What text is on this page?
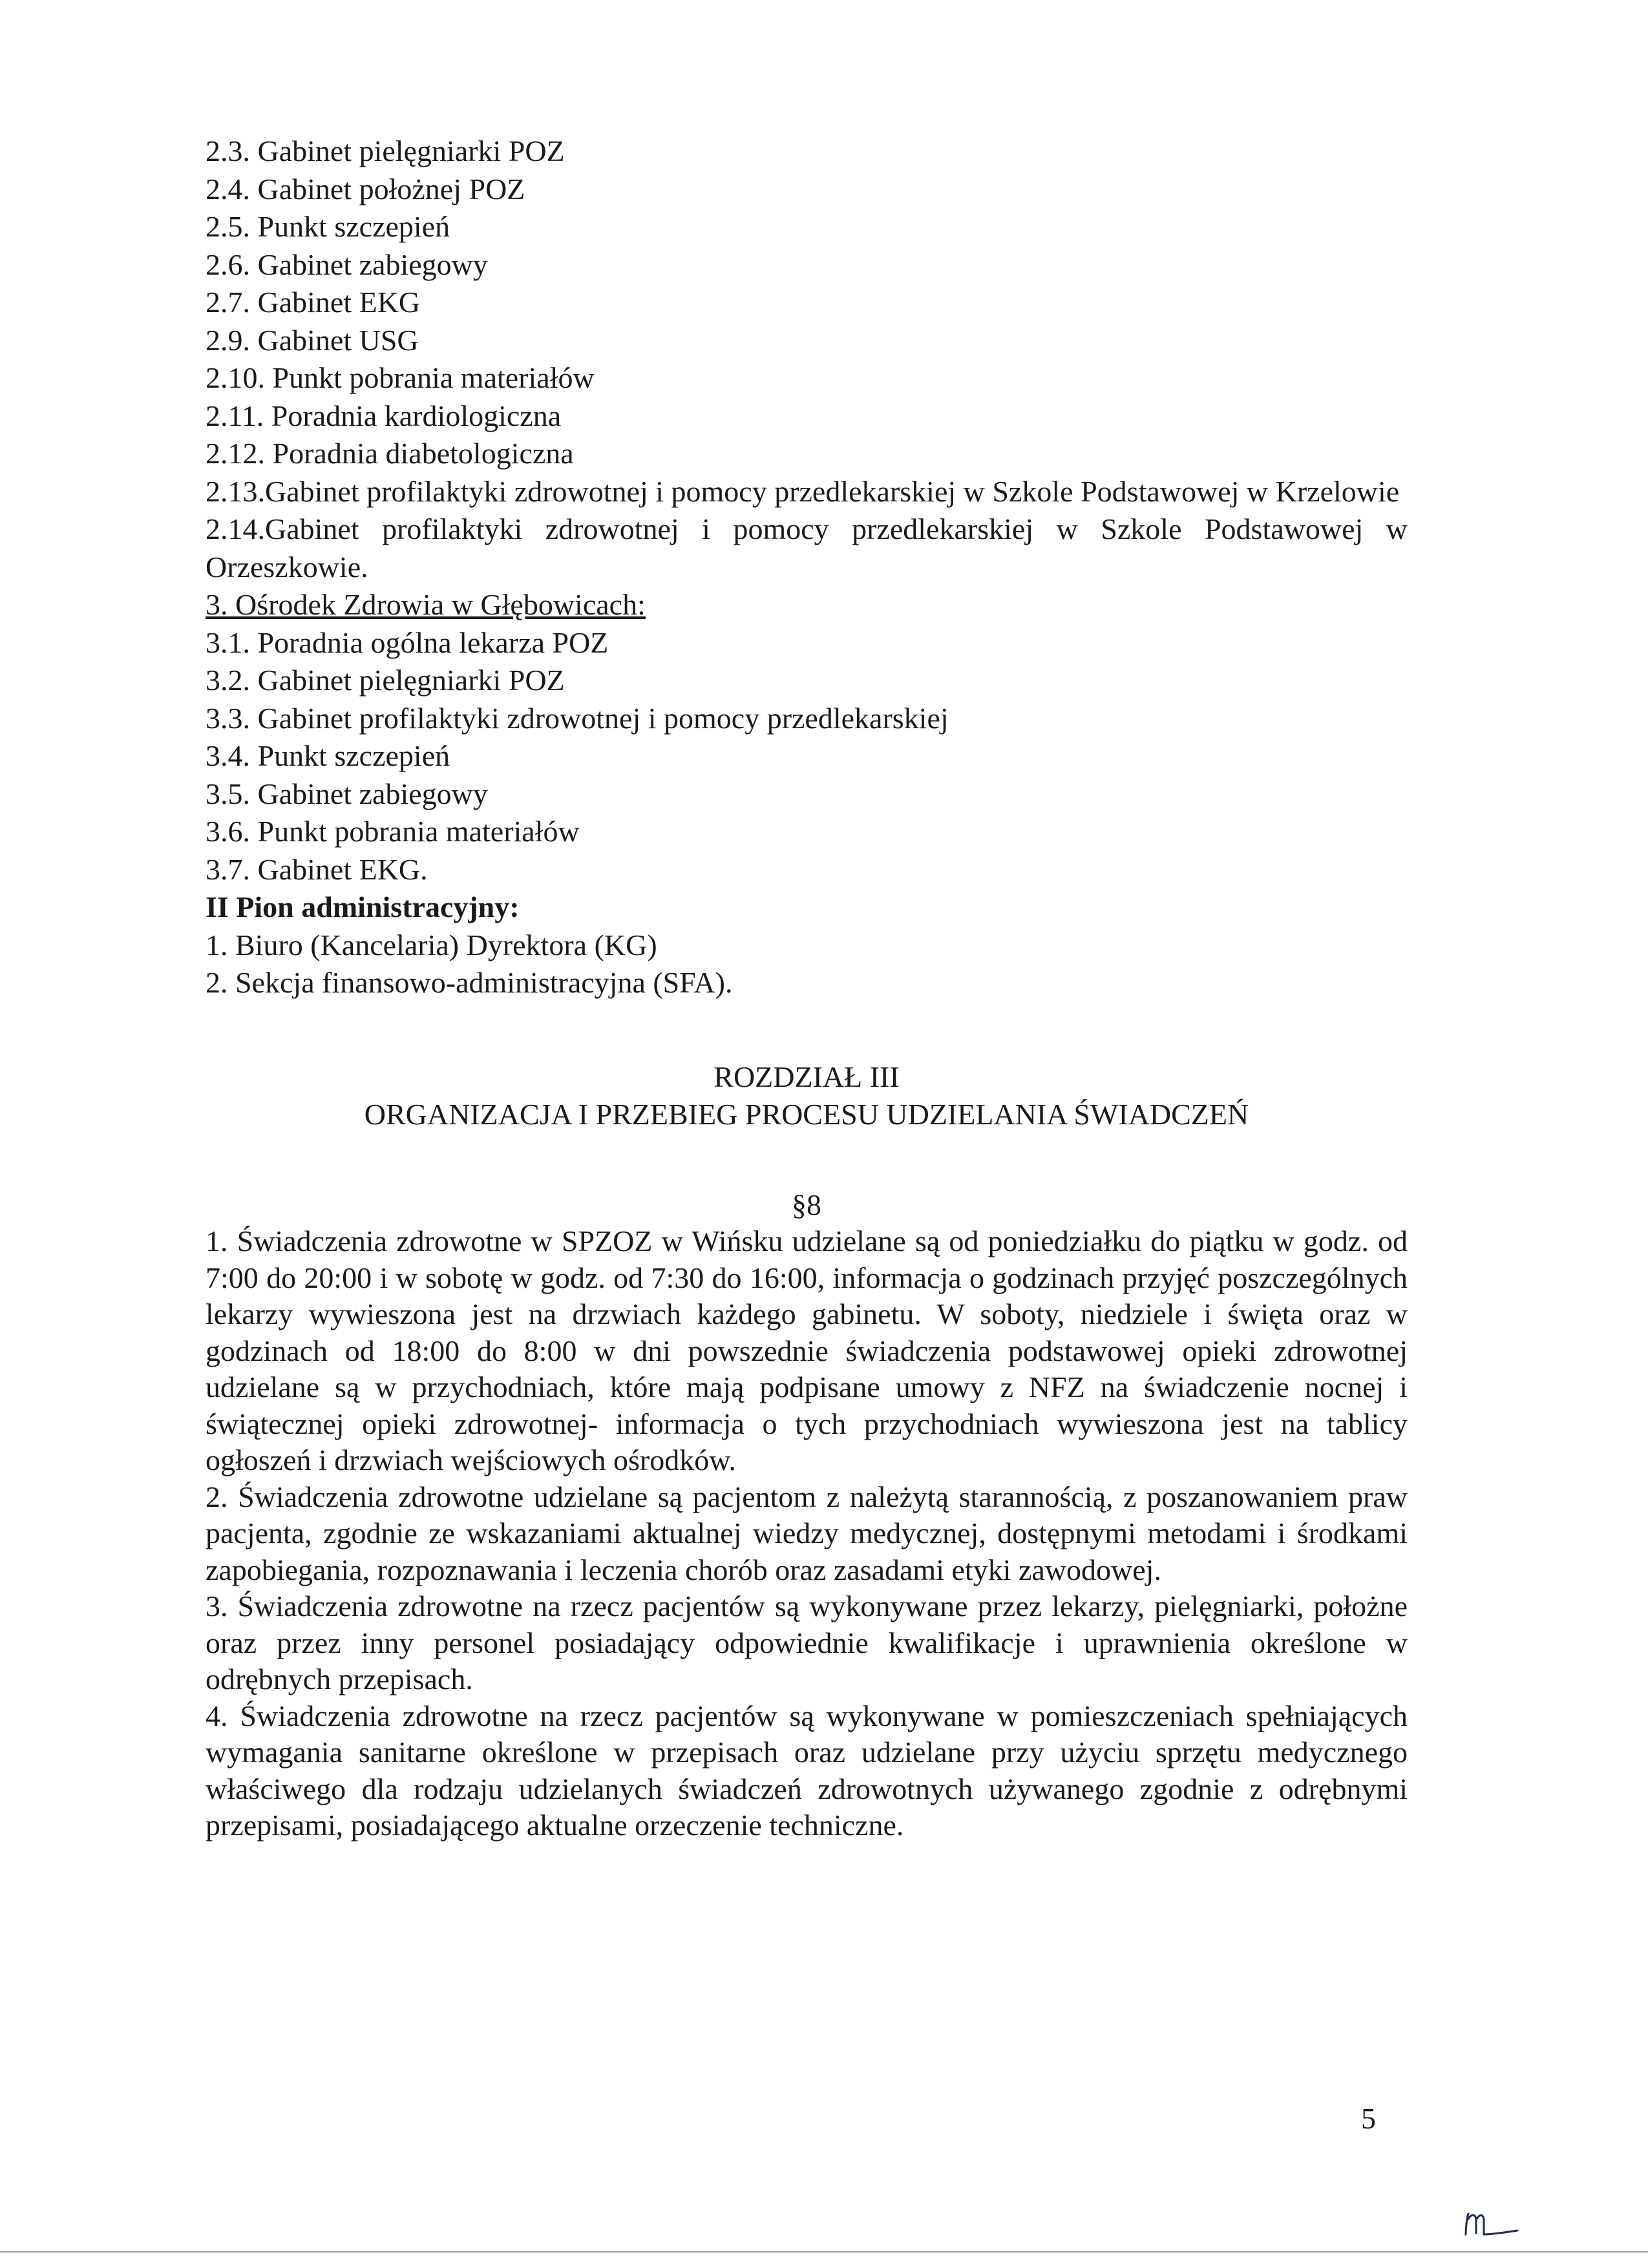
2.3. Gabinet pielęgniarki POZ
2.4. Gabinet położnej POZ
2.5. Punkt szczepień
2.6. Gabinet zabiegowy
2.7. Gabinet EKG
2.9. Gabinet USG
2.10. Punkt pobrania materiałów
2.11. Poradnia kardiologiczna
2.12. Poradnia diabetologiczna
2.13.Gabinet profilaktyki zdrowotnej i pomocy przedlekarskiej w Szkole Podstawowej w Krzelowie
2.14.Gabinet profilaktyki zdrowotnej i pomocy przedlekarskiej w Szkole Podstawowej w Orzeszkowie.
3. Ośrodek Zdrowia w Głębowicach:
3.1. Poradnia ogólna lekarza POZ
3.2. Gabinet pielęgniarki POZ
3.3. Gabinet profilaktyki zdrowotnej i pomocy przedlekarskiej
3.4. Punkt szczepień
3.5. Gabinet zabiegowy
3.6. Punkt pobrania materiałów
3.7. Gabinet EKG.
II Pion administracyjny:
1. Biuro (Kancelaria) Dyrektora (KG)
2. Sekcja finansowo-administracyjna (SFA).
ROZDZIAŁ III
ORGANIZACJA I PRZEBIEG PROCESU UDZIELANIA ŚWIADCZEŃ
§8

1. Świadczenia zdrowotne w SPZOZ w Wińsku udzielane są od poniedziałku do piątku w godz. od 7:00 do 20:00 i w sobotę w godz. od 7:30 do 16:00, informacja o godzinach przyjęć poszczególnych lekarzy wywieszona jest na drzwiach każdego gabinetu. W soboty, niedziele i święta oraz w godzinach od 18:00 do 8:00 w dni powszednie świadczenia podstawowej opieki zdrowotnej udzielane są w przychodniach, które mają podpisane umowy z NFZ na świadczenie nocnej i świątecznej opieki zdrowotnej- informacja o tych przychodniach wywieszona jest na tablicy ogłoszeń i drzwiach wejściowych ośrodków.

2. Świadczenia zdrowotne udzielane są pacjentom z należytą starannością, z poszanowaniem praw pacjenta, zgodnie ze wskazaniami aktualnej wiedzy medycznej, dostępnymi metodami i środkami zapobiegania, rozpoznawania i leczenia chorób oraz zasadami etyki zawodowej.

3. Świadczenia zdrowotne na rzecz pacjentów są wykonywane przez lekarzy, pielęgniarki, położne oraz przez inny personel posiadający odpowiednie kwalifikacje i uprawnienia określone w odrębnych przepisach.

4. Świadczenia zdrowotne na rzecz pacjentów są wykonywane w pomieszczeniach spełniających wymagania sanitarne określone w przepisach oraz udzielane przy użyciu sprzętu medycznego właściwego dla rodzaju udzielanych świadczeń zdrowotnych używanego zgodnie z odrębnymi przepisami, posiadającego aktualne orzeczenie techniczne.

5
